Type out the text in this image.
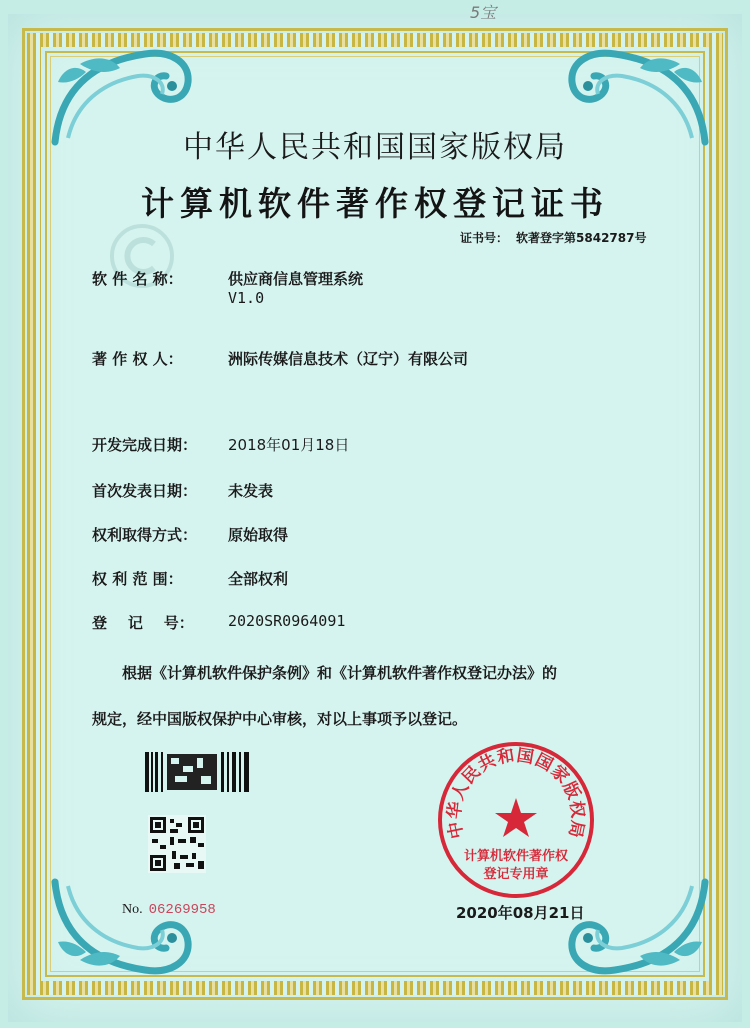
5宝
中华人民共和国国家版权局
计算机软件著作权登记证书
证书号： 软著登字第5842787号
软 件 名 称：	供应商信息管理系统
V1.0
著 作 权 人：	洲际传媒信息技术（辽宁）有限公司
开发完成日期： 2018年01月18日
首次发表日期： 未发表
权利取得方式： 原始取得
权 利 范 围：	全部权利
登    记    号： 2020SR0964091
根据《计算机软件保护条例》和《计算机软件著作权登记办法》的
规定，经中国版权保护中心审核，对以上事项予以登记。
No. 06269958
中华人民共和国国家版权局
计算机软件著作权
登记专用章
2020年08月21日
